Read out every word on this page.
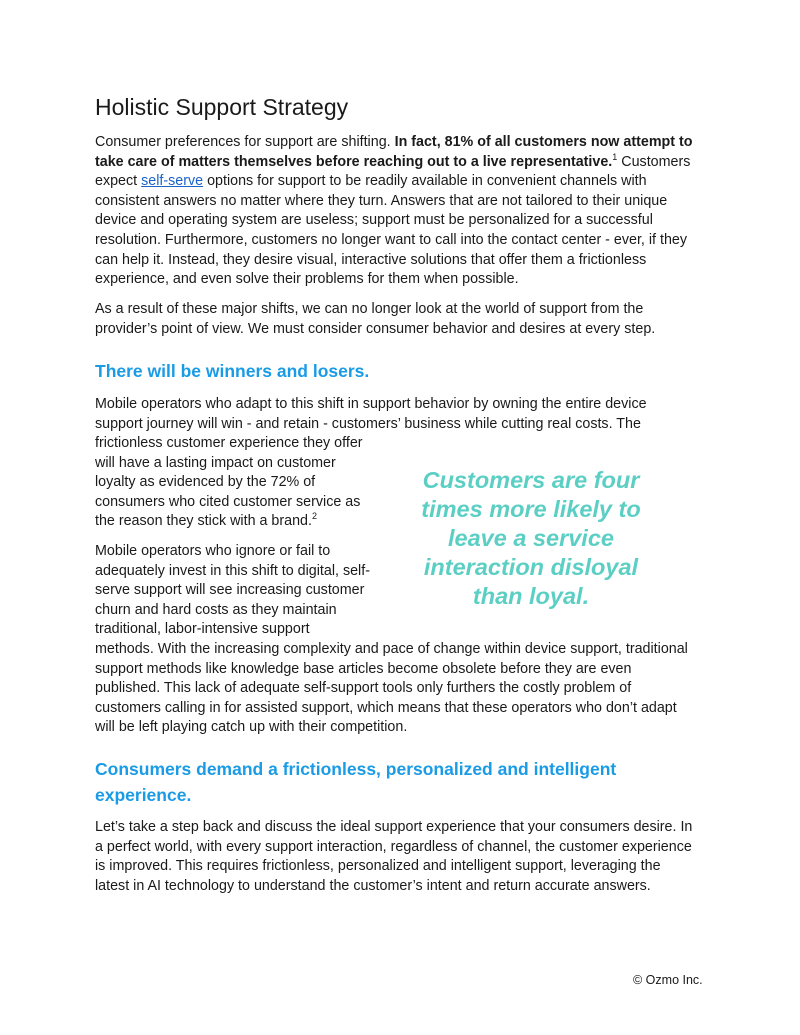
Holistic Support Strategy

Consumer preferences for support are shifting. In fact, 81% of all customers now attempt to take care of matters themselves before reaching out to a live representative.$^1$ Customers expect self-serve options for support to be readily available in convenient channels with consistent answers no matter where they turn. Answers that are not tailored to their unique device and operating system are useless; support must be personalized for a successful resolution. Furthermore, customers no longer want to call into the contact center - ever, if they can help it. Instead, they desire visual, interactive solutions that offer them a frictionless experience, and even solve their problems for them when possible.

As a result of these major shifts, we can no longer look at the world of support from the provider’s point of view. We must consider consumer behavior and desires at every step.

There will be winners and losers.

Mobile operators who adapt to this shift in support behavior by owning the entire device support journey will win - and retain - customers’ business while cutting real costs. The

frictionless customer experience they offer will have a lasting impact on customer loyalty as evidenced by the 72% of consumers who cited customer service as the reason they stick with a brand.$^2$

Mobile operators who ignore or fail to adequately invest in this shift to digital, self-serve support will see increasing customer churn and hard costs as they maintain traditional, labor-intensive support

Customers are four times more likely to leave a service interaction disloyal than loyal.

methods. With the increasing complexity and pace of change within device support, traditional support methods like knowledge base articles become obsolete before they are even published. This lack of adequate self-support tools only furthers the costly problem of customers calling in for assisted support, which means that these operators who don’t adapt will be left playing catch up with their competition.

Consumers demand a frictionless, personalized and intelligent experience.

Let’s take a step back and discuss the ideal support experience that your consumers desire. In a perfect world, with every support interaction, regardless of channel, the customer experience is improved. This requires frictionless, personalized and intelligent support, leveraging the latest in AI technology to understand the customer’s intent and return accurate answers.

© Ozmo Inc.
